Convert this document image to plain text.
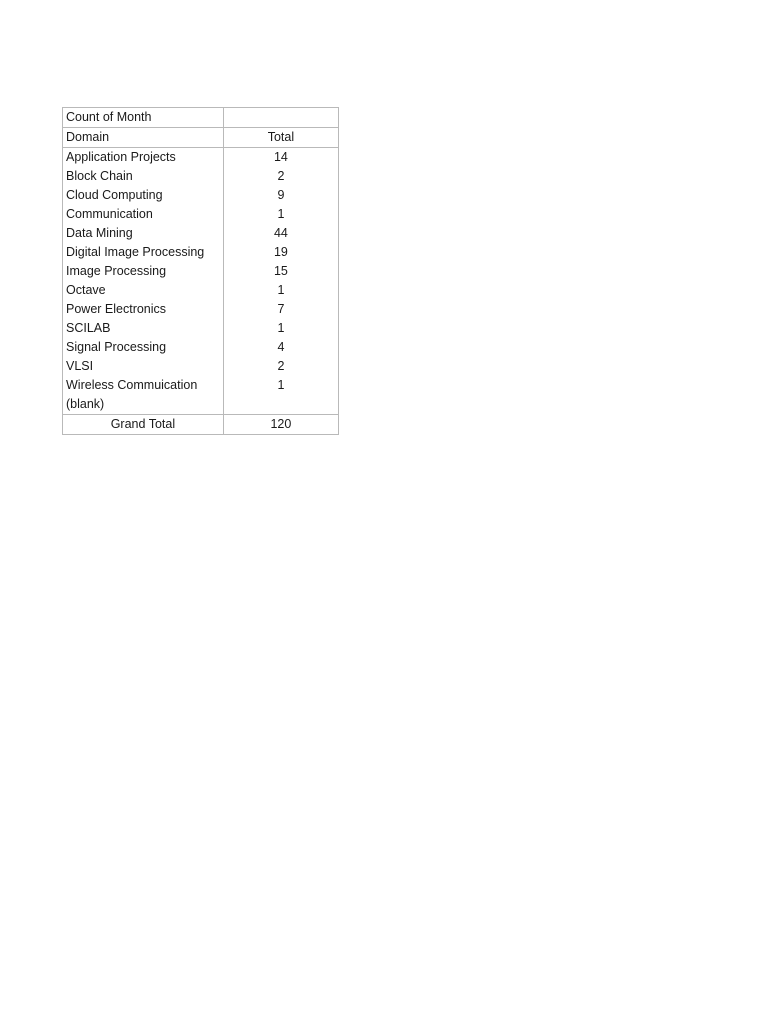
Count of Month	
Domain	Total
Application Projects	14
Block Chain	2
Cloud Computing	9
Communication	1
Data Mining	44
Digital Image Processing	19
Image Processing	15
Octave	1
Power Electronics	7
SCILAB	1
Signal Processing	4
VLSI	2
Wireless Commuication	1
(blank)	
Grand Total	120
